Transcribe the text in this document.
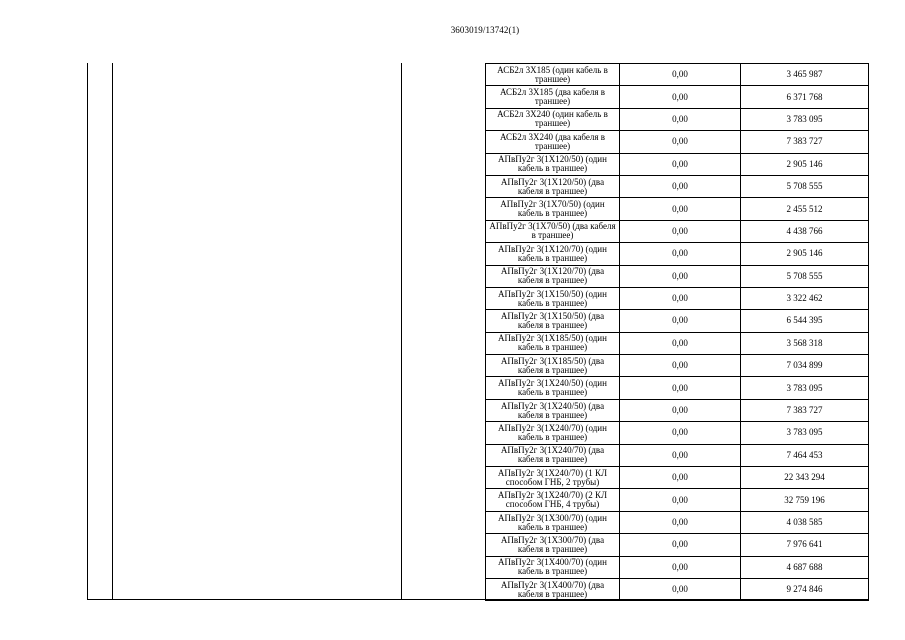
3603019/13742(1)
АСБ2л 3Х185 (один кабель в траншее)	0,00	3 465 987
АСБ2л 3Х185 (два кабеля в траншее)	0,00	6 371 768
АСБ2л 3Х240 (один кабель в траншее)	0,00	3 783 095
АСБ2л 3Х240 (два кабеля в траншее)	0,00	7 383 727
АПвПу2г 3(1Х120/50) (один кабель в траншее)	0,00	2 905 146
АПвПу2г 3(1Х120/50) (два кабеля в траншее)	0,00	5 708 555
АПвПу2г 3(1Х70/50) (один кабель в траншее)	0,00	2 455 512
АПвПу2г 3(1Х70/50) (два кабеля в траншее)	0,00	4 438 766
АПвПу2г 3(1Х120/70) (один кабель в траншее)	0,00	2 905 146
АПвПу2г 3(1Х120/70) (два кабеля в траншее)	0,00	5 708 555
АПвПу2г 3(1Х150/50) (один кабель в траншее)	0,00	3 322 462
АПвПу2г 3(1Х150/50) (два кабеля в траншее)	0,00	6 544 395
АПвПу2г 3(1Х185/50) (один кабель в траншее)	0,00	3 568 318
АПвПу2г 3(1Х185/50) (два кабеля в траншее)	0,00	7 034 899
АПвПу2г 3(1Х240/50) (один кабель в траншее)	0,00	3 783 095
АПвПу2г 3(1Х240/50) (два кабеля в траншее)	0,00	7 383 727
АПвПу2г 3(1Х240/70) (один кабель в траншее)	0,00	3 783 095
АПвПу2г 3(1Х240/70) (два кабеля в траншее)	0,00	7 464 453
АПвПу2г 3(1Х240/70) (1 КЛ способом ГНБ, 2 трубы)	0,00	22 343 294
АПвПу2г 3(1Х240/70) (2 КЛ способом ГНБ, 4 трубы)	0,00	32 759 196
АПвПу2г 3(1Х300/70) (один кабель в траншее)	0,00	4 038 585
АПвПу2г 3(1Х300/70) (два кабеля в траншее)	0,00	7 976 641
АПвПу2г 3(1Х400/70) (один кабель в траншее)	0,00	4 687 688
АПвПу2г 3(1Х400/70) (два кабеля в траншее)	0,00	9 274 846
